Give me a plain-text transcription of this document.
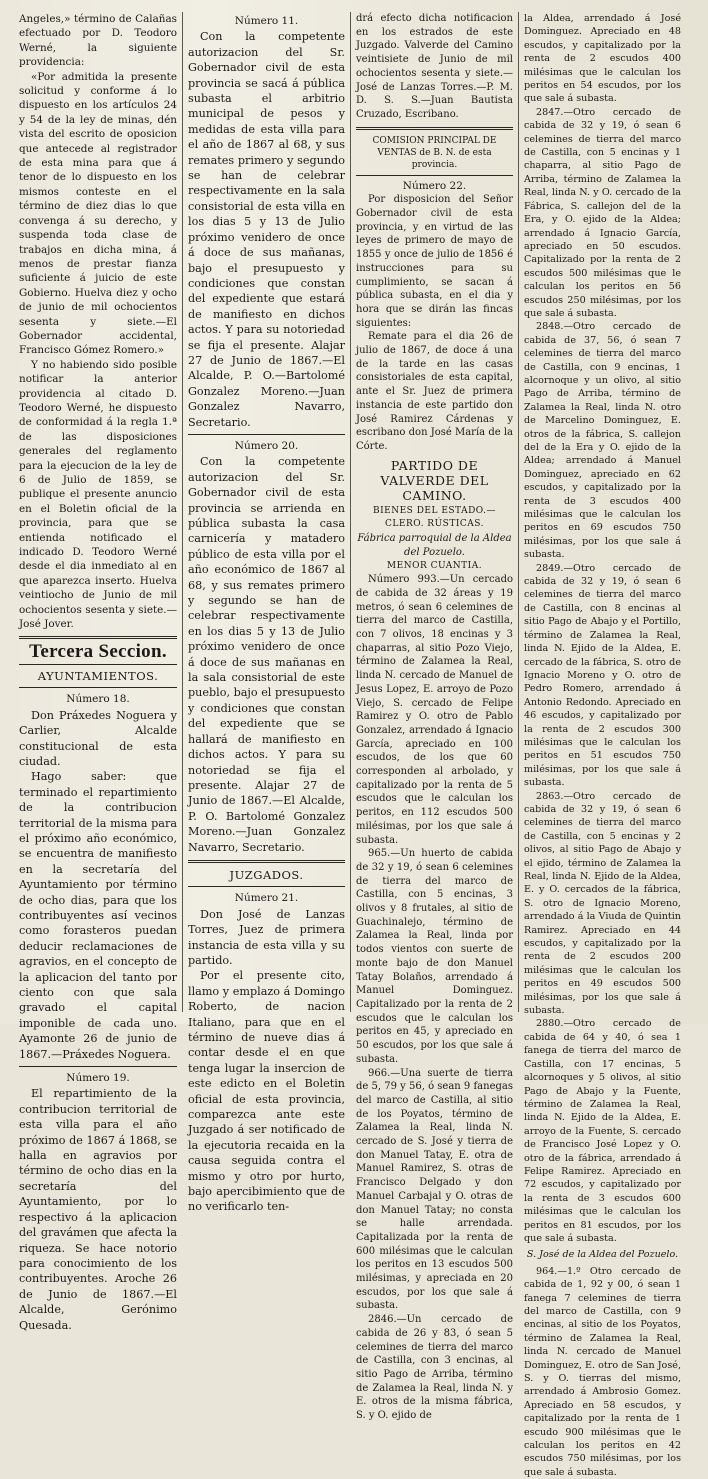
Angeles,» término de Calañas efectuado por D. Teodoro Werné, la siguiente providencia:

«Por admitida la presente solicitud y conforme á lo dispuesto en los artículos 24 y 54 de la ley de minas, dén vista del escrito de oposicion que antecede al registrador de esta mina para que á tenor de lo dispuesto en los mismos conteste en el término de diez dias lo que convenga á su derecho, y suspenda toda clase de trabajos en dicha mina, á menos de prestar fianza suficiente á juicio de este Gobierno. Huelva diez y ocho de junio de mil ochocientos sesenta y siete.—El Gobernador accidental, Francisco Gómez Romero.»

Y no habiendo sido posible notificar la anterior providencia al citado D. Teodoro Werné, he dispuesto de conformidad á la regla 1.ª de las disposiciones generales del reglamento para la ejecucion de la ley de 6 de Julio de 1859, se publique el presente anuncio en el Boletin oficial de la provincia, para que se entienda notificado el indicado D. Teodoro Werné desde el dia inmediato al en que aparezca inserto. Huelva veintiocho de Junio de mil ochocientos sesenta y siete.—José Jover.

Tercera Seccion.
AYUNTAMIENTOS.

Número 18.

Don Práxedes Noguera y Carlier, Alcalde constitucional de esta ciudad.

Hago saber: que terminado el repartimiento de la contribucion territorial de la misma para el próximo año económico, se encuentra de manifiesto en la secretaría del Ayuntamiento por término de ocho dias, para que los contribuyentes así vecinos como forasteros puedan deducir reclamaciones de agravios, en el concepto de la aplicacion del tanto por ciento con que sala gravado el capital imponible de cada uno. Ayamonte 26 de junio de 1867.—Práxedes Noguera.

Número 19.

El repartimiento de la contribucion territorial de esta villa para el año próximo de 1867 á 1868, se halla en agravios por término de ocho dias en la secretaría del Ayuntamiento, por lo respectivo á la aplicacion del gravámen que afecta la riqueza. Se hace notorio para conocimiento de los contribuyentes. Aroche 26 de Junio de 1867.—El Alcalde, Gerónimo Quesada.

Número 11.

Con la competente autorizacion del Sr. Gobernador civil de esta provincia se sacá á pública subasta el arbitrio municipal de pesos y medidas de esta villa para el año de 1867 al 68, y sus remates primero y segundo se han de celebrar respectivamente en la sala consistorial de esta villa en los dias 5 y 13 de Julio próximo venidero de once á doce de sus mañanas, bajo el presupuesto y condiciones que constan del expediente que estará de manifiesto en dichos actos. Y para su notoriedad se fija el presente. Alajar 27 de Junio de 1867.—El Alcalde, P. O.—Bartolomé Gonzalez Moreno.—Juan Gonzalez Navarro, Secretario.

Número 20.

Con la competente autorizacion del Sr. Gobernador civil de esta provincia se arrienda en pública subasta la casa carnicería y matadero público de esta villa por el año económico de 1867 al 68, y sus remates primero y segundo se han de celebrar respectivamente en los dias 5 y 13 de Julio próximo venidero de once á doce de sus mañanas en la sala consistorial de este pueblo, bajo el presupuesto y condiciones que constan del expediente que se hallará de manifiesto en dichos actos. Y para su notoriedad se fija el presente. Alajar 27 de Junio de 1867.—El Alcalde, P. O. Bartolomé Gonzalez Moreno.—Juan Gonzalez Navarro, Secretario.

JUZGADOS.

Número 21.

Don José de Lanzas Torres, Juez de primera instancia de esta villa y su partido.

Por el presente cito, llamo y emplazo á Domingo Roberto, de nacion Italiano, para que en el término de nueve dias á contar desde el en que tenga lugar la insercion de este edicto en el Boletin oficial de esta provincia, comparezca ante este Juzgado á ser notificado de la ejecutoria recaida en la causa seguida contra el mismo y otro por hurto, bajo apercibimiento que de no verificarlo ten-

drá efecto dicha notificacion en los estrados de este Juzgado. Valverde del Camino veintisiete de Junio de mil ochocientos sesenta y siete.—José de Lanzas Torres.—P. M. D. S. S.—Juan Bautista Cruzado, Escribano.

COMISION PRINCIPAL DE VENTAS de B. N. de esta provincia.

Número 22.

Por disposicion del Señor Gobernador civil de esta provincia, y en virtud de las leyes de primero de mayo de 1855 y once de julio de 1856 é instrucciones para su cumplimiento, se sacan á pública subasta, en el dia y hora que se dirán las fincas siguientes:

Remate para el dia 26 de julio de 1867, de doce á una de la tarde en las casas consistoriales de esta capital, ante el Sr. Juez de primera instancia de este partido don José Ramirez Cárdenas y escribano don José María de la Córte.

PARTIDO DE VALVERDE DEL CAMINO.

BIENES DEL ESTADO.—CLERO. RÚSTICAS.

Fábrica parroquial de la Aldea del Pozuelo.

MENOR CUANTIA.

Número 993.—Un cercado de cabida de 32 áreas y 19 metros, ó sean 6 celemines de tierra del marco de Castilla, con 7 olivos, 18 encinas y 3 chaparras, al sitio Pozo Viejo, término de Zalamea la Real, linda N. cercado de Manuel de Jesus Lopez, E. arroyo de Pozo Viejo, S. cercado de Felipe Ramirez y O. otro de Pablo Gonzalez, arrendado á Ignacio García, apreciado en 100 escudos, de los que 60 corresponden al arbolado, y capitalizado por la renta de 5 escudos que le calculan los peritos, en 112 escudos 500 milésimas, por los que sale á subasta.

965.—Un huerto de cabida de 32 y 19, ó sean 6 celemines de tierra del marco de Castilla, con 5 encinas, 3 olivos y 8 frutales, al sitio de Guachinalejo, término de Zalamea la Real, linda por todos vientos con suerte de monte bajo de don Manuel Tatay Bolaños, arrendado á Manuel Dominguez. Capitalizado por la renta de 2 escudos que le calculan los peritos en 45, y apreciado en 50 escudos, por los que sale á subasta.

966.—Una suerte de tierra de 5, 79 y 56, ó sean 9 fanegas del marco de Castilla, al sitio de los Poyatos, término de Zalamea la Real, linda N. cercado de S. José y tierra de don Manuel Tatay, E. otra de Manuel Ramirez, S. otras de Francisco Delgado y don Manuel Carbajal y O. otras de don Manuel Tatay; no consta se halle arrendada. Capitalizada por la renta de 600 milésimas que le calculan los peritos en 13 escudos 500 milésimas, y apreciada en 20 escudos, por los que sale á subasta.

2846.—Un cercado de cabida de 26 y 83, ó sean 5 celemines de tierra del marco de Castilla, con 3 encinas, al sitio Pago de Arriba, término de Zalamea la Real, linda N. y E. otros de la misma fábrica, S. y O. ejido de

la Aldea, arrendado á José Dominguez. Apreciado en 48 escudos, y capitalizado por la renta de 2 escudos 400 milésimas que le calculan los peritos en 54 escudos, por los que sale á subasta.

2847.—Otro cercado de cabida de 32 y 19, ó sean 6 celemines de tierra del marco de Castilla, con 5 encinas y 1 chaparra, al sitio Pago de Arriba, término de Zalamea la Real, linda N. y O. cercado de la Fábrica, S. callejon del de la Era, y O. ejido de la Aldea; arrendado á Ignacio García, apreciado en 50 escudos. Capitalizado por la renta de 2 escudos 500 milésimas que le calculan los peritos en 56 escudos 250 milésimas, por los que sale á subasta.

2848.—Otro cercado de cabida de 37, 56, ó sean 7 celemines de tierra del marco de Castilla, con 9 encinas, 1 alcornoque y un olivo, al sitio Pago de Arriba, término de Zalamea la Real, linda N. otro de Marcelino Dominguez, E. otros de la fábrica, S. callejon del de la Era y O. ejido de la Aldea; arrendado á Manuel Dominguez, apreciado en 62 escudos, y capitalizado por la renta de 3 escudos 400 milésimas que le calculan los peritos en 69 escudos 750 milésimas, por los que sale á subasta.

2849.—Otro cercado de cabida de 32 y 19, ó sean 6 celemines de tierra del marco de Castilla, con 8 encinas al sitio Pago de Abajo y el Portillo, término de Zalamea la Real, linda N. Ejido de la Aldea, E. cercado de la fábrica, S. otro de Ignacio Moreno y O. otro de Pedro Romero, arrendado á Antonio Redondo. Apreciado en 46 escudos, y capitalizado por la renta de 2 escudos 300 milésimas que le calculan los peritos en 51 escudos 750 milésimas, por los que sale á subasta.

2863.—Otro cercado de cabida de 32 y 19, ó sean 6 celemines de tierra del marco de Castilla, con 5 encinas y 2 olivos, al sitio Pago de Abajo y el ejido, término de Zalamea la Real, linda N. Ejido de la Aldea, E. y O. cercados de la fábrica, S. otro de Ignacio Moreno, arrendado á la Viuda de Quintin Ramirez. Apreciado en 44 escudos, y capitalizado por la renta de 2 escudos 200 milésimas que le calculan los peritos en 49 escudos 500 milésimas, por los que sale á subasta.

2880.—Otro cercado de cabida de 64 y 40, ó sea 1 fanega de tierra del marco de Castilla, con 17 encinas, 5 alcornoques y 5 olivos, al sitio Pago de Abajo y la Fuente, término de Zalamea la Real, linda N. Ejido de la Aldea, E. arroyo de la Fuente, S. cercado de Francisco José Lopez y O. otro de la fábrica, arrendado á Felipe Ramirez. Apreciado en 72 escudos, y capitalizado por la renta de 3 escudos 600 milésimas que le calculan los peritos en 81 escudos, por los que sale á subasta.

S. José de la Aldea del Pozuelo.

964.—1.º Otro cercado de cabida de 1, 92 y 00, ó sean 1 fanega 7 celemines de tierra del marco de Castilla, con 9 encinas, al sitio de los Poyatos, término de Zalamea la Real, linda N. cercado de Manuel Dominguez, E. otro de San José, S. y O. tierras del mismo, arrendado á Ambrosio Gomez. Apreciado en 58 escudos, y capitalizado por la renta de 1 escudo 900 milésimas que le calculan los peritos en 42 escudos 750 milésimas, por los que sale á subasta.
